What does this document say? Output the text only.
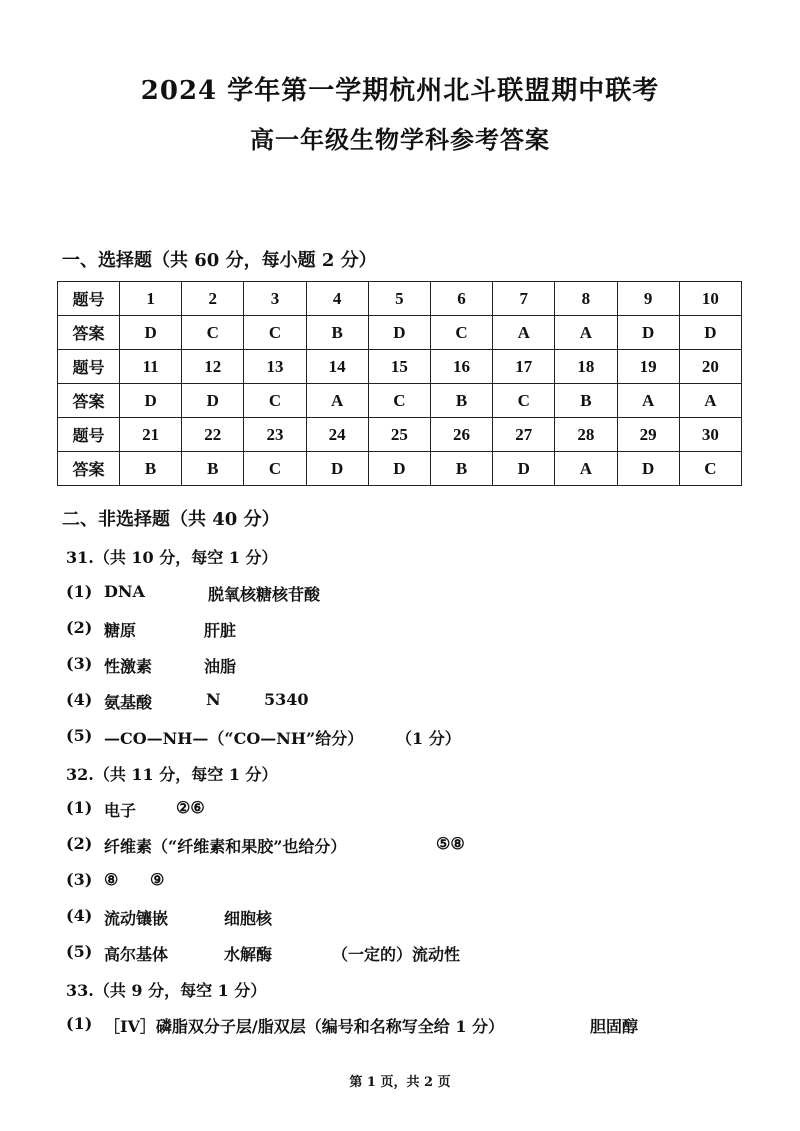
2024 学年第一学期杭州北斗联盟期中联考
高一年级生物学科参考答案
一、选择题（共 60 分，每小题 2 分）
题号	1	2	3	4	5	6	7	8	9	10
答案	D	C	C	B	D	C	A	A	D	D
题号	11	12	13	14	15	16	17	18	19	20
答案	D	D	C	A	C	B	C	B	A	A
题号	21	22	23	24	25	26	27	28	29	30
答案	B	B	C	D	D	B	D	A	D	C
二、非选择题（共 40 分）
31.（共 10 分，每空 1 分）
(1) DNA	脱氧核糖核苷酸
(2) 糖原	肝脏
(3) 性激素	油脂
(4) 氨基酸	N	5340
(5) —CO—NH—（“CO—NH”给分） （1 分）
32.（共 11 分，每空 1 分）
(1) 电子 ②⑥
(2) 纤维素（“纤维素和果胶”也给分）	⑤⑧
(3) ⑧ ⑨
(4) 流动镶嵌	细胞核
(5) 高尔基体	水解酶	（一定的）流动性
33.（共 9 分，每空 1 分）
(1) ［IV］磷脂双分子层/脂双层（编号和名称写全给 1 分）	胆固醇
第 1 页，共 2 页
